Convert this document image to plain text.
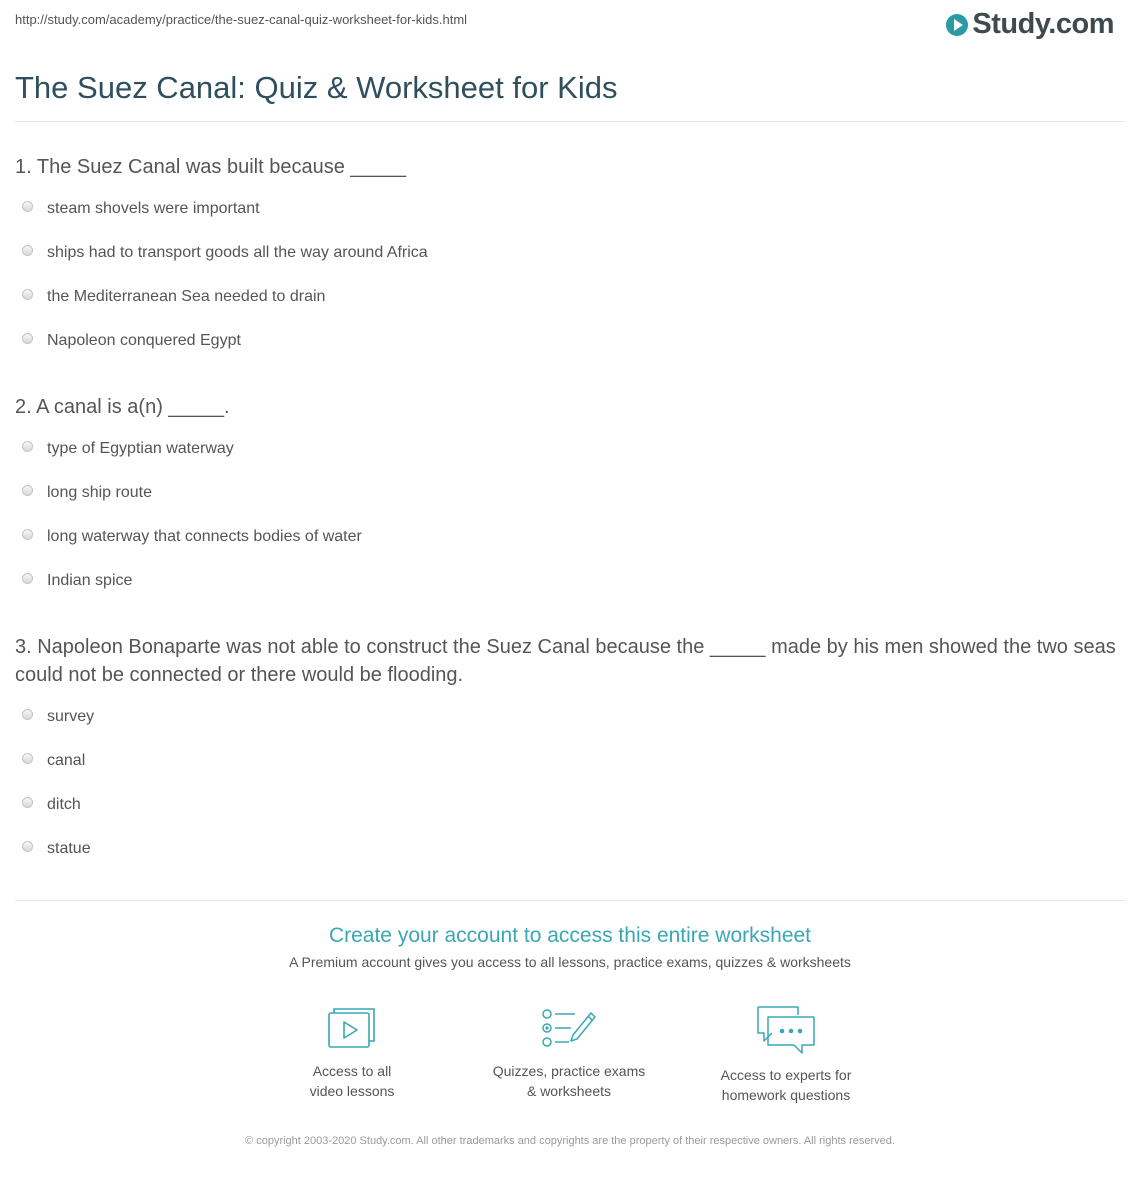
http://study.com/academy/practice/the-suez-canal-quiz-worksheet-for-kids.html	Study.com
The Suez Canal: Quiz & Worksheet for Kids
1. The Suez Canal was built because _____
steam shovels were important
ships had to transport goods all the way around Africa
the Mediterranean Sea needed to drain
Napoleon conquered Egypt
2. A canal is a(n) _____.
type of Egyptian waterway
long ship route
long waterway that connects bodies of water
Indian spice
3. Napoleon Bonaparte was not able to construct the Suez Canal because the _____ made by his men showed the two seas could not be connected or there would be flooding.
survey
canal
ditch
statue
Create your account to access this entire worksheet
A Premium account gives you access to all lessons, practice exams, quizzes & worksheets
Access to all
video lessons
Quizzes, practice exams
& worksheets
Access to experts for
homework questions
© copyright 2003-2020 Study.com. All other trademarks and copyrights are the property of their respective owners. All rights reserved.
